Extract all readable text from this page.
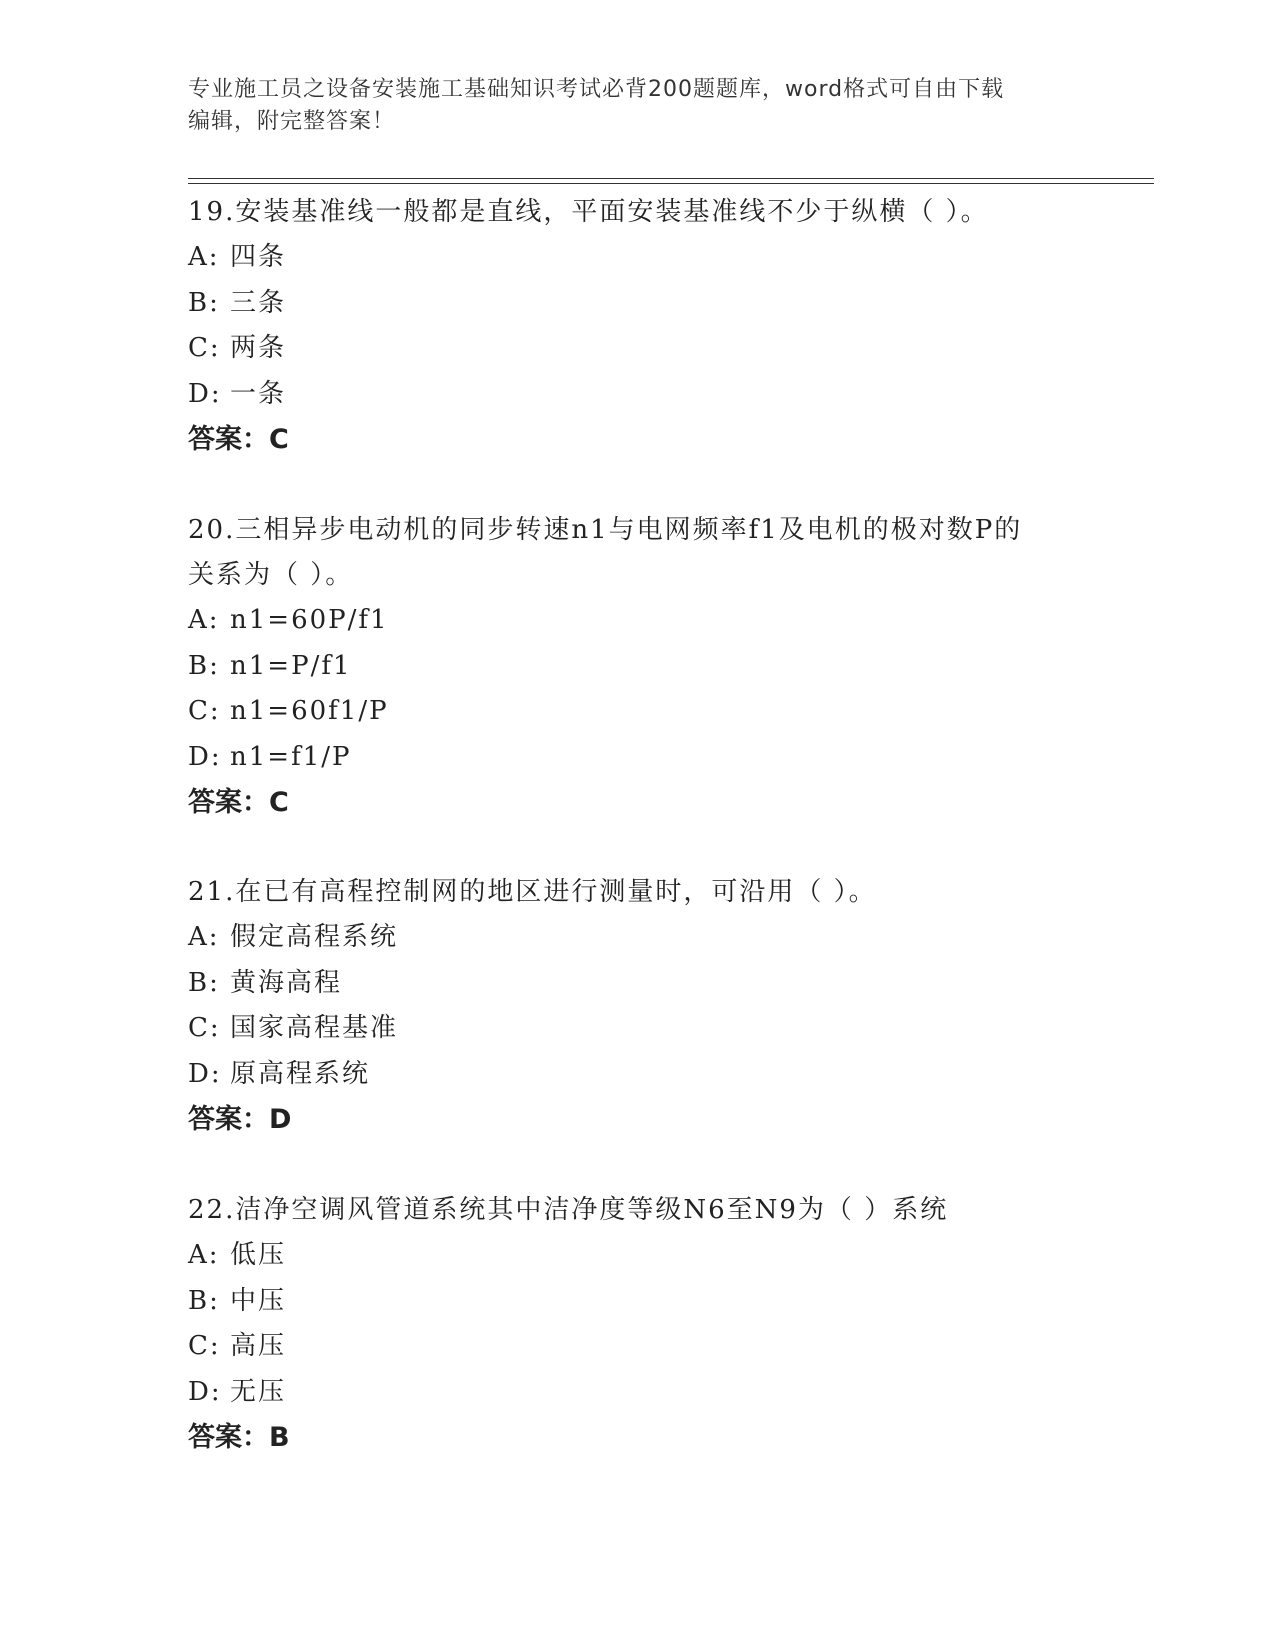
专业施工员之设备安装施工基础知识考试必背200题题库，word格式可自由下载
编辑，附完整答案！

19.安装基准线一般都是直线，平面安装基准线不少于纵横（ ）。

A: 四条

B: 三条

C: 两条

D: 一条

答案：C

20.三相异步电动机的同步转速n1与电网频率f1及电机的极对数P的关系为（ ）。

A: n1=60P/f1

B: n1=P/f1

C: n1=60f1/P

D: n1=f1/P

答案：C

21.在已有高程控制网的地区进行测量时，可沿用（ ）。

A: 假定高程系统

B: 黄海高程

C: 国家高程基准

D: 原高程系统

答案：D

22.洁净空调风管道系统其中洁净度等级N6至N9为（ ）系统

A: 低压

B: 中压

C: 高压

D: 无压

答案：B
